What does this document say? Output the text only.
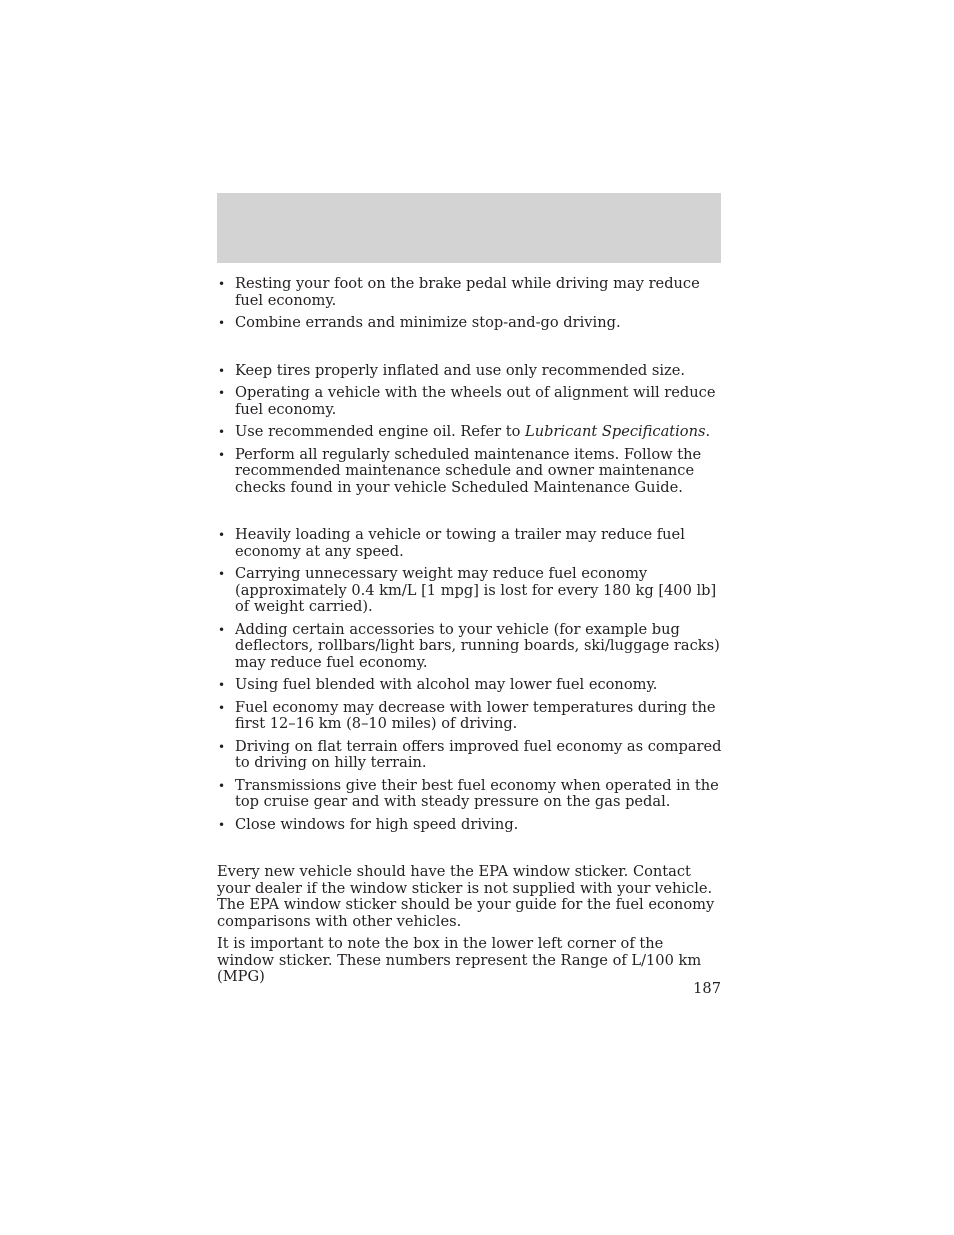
• Resting your foot on the brake pedal while driving may reduce fuel economy.
• Combine errands and minimize stop-and-go driving.
• Keep tires properly inflated and use only recommended size.
• Operating a vehicle with the wheels out of alignment will reduce fuel economy.
• Use recommended engine oil. Refer to Lubricant Specifications.
• Perform all regularly scheduled maintenance items. Follow the recommended maintenance schedule and owner maintenance checks found in your vehicle Scheduled Maintenance Guide.
• Heavily loading a vehicle or towing a trailer may reduce fuel economy at any speed.
• Carrying unnecessary weight may reduce fuel economy (approximately 0.4 km/L [1 mpg] is lost for every 180 kg [400 lb] of weight carried).
• Adding certain accessories to your vehicle (for example bug deflectors, rollbars/light bars, running boards, ski/luggage racks) may reduce fuel economy.
• Using fuel blended with alcohol may lower fuel economy.
• Fuel economy may decrease with lower temperatures during the first 12–16 km (8–10 miles) of driving.
• Driving on flat terrain offers improved fuel economy as compared to driving on hilly terrain.
• Transmissions give their best fuel economy when operated in the top cruise gear and with steady pressure on the gas pedal.
• Close windows for high speed driving.

Every new vehicle should have the EPA window sticker. Contact your dealer if the window sticker is not supplied with your vehicle. The EPA window sticker should be your guide for the fuel economy comparisons with other vehicles.

It is important to note the box in the lower left corner of the window sticker. These numbers represent the Range of L/100 km (MPG)

187
